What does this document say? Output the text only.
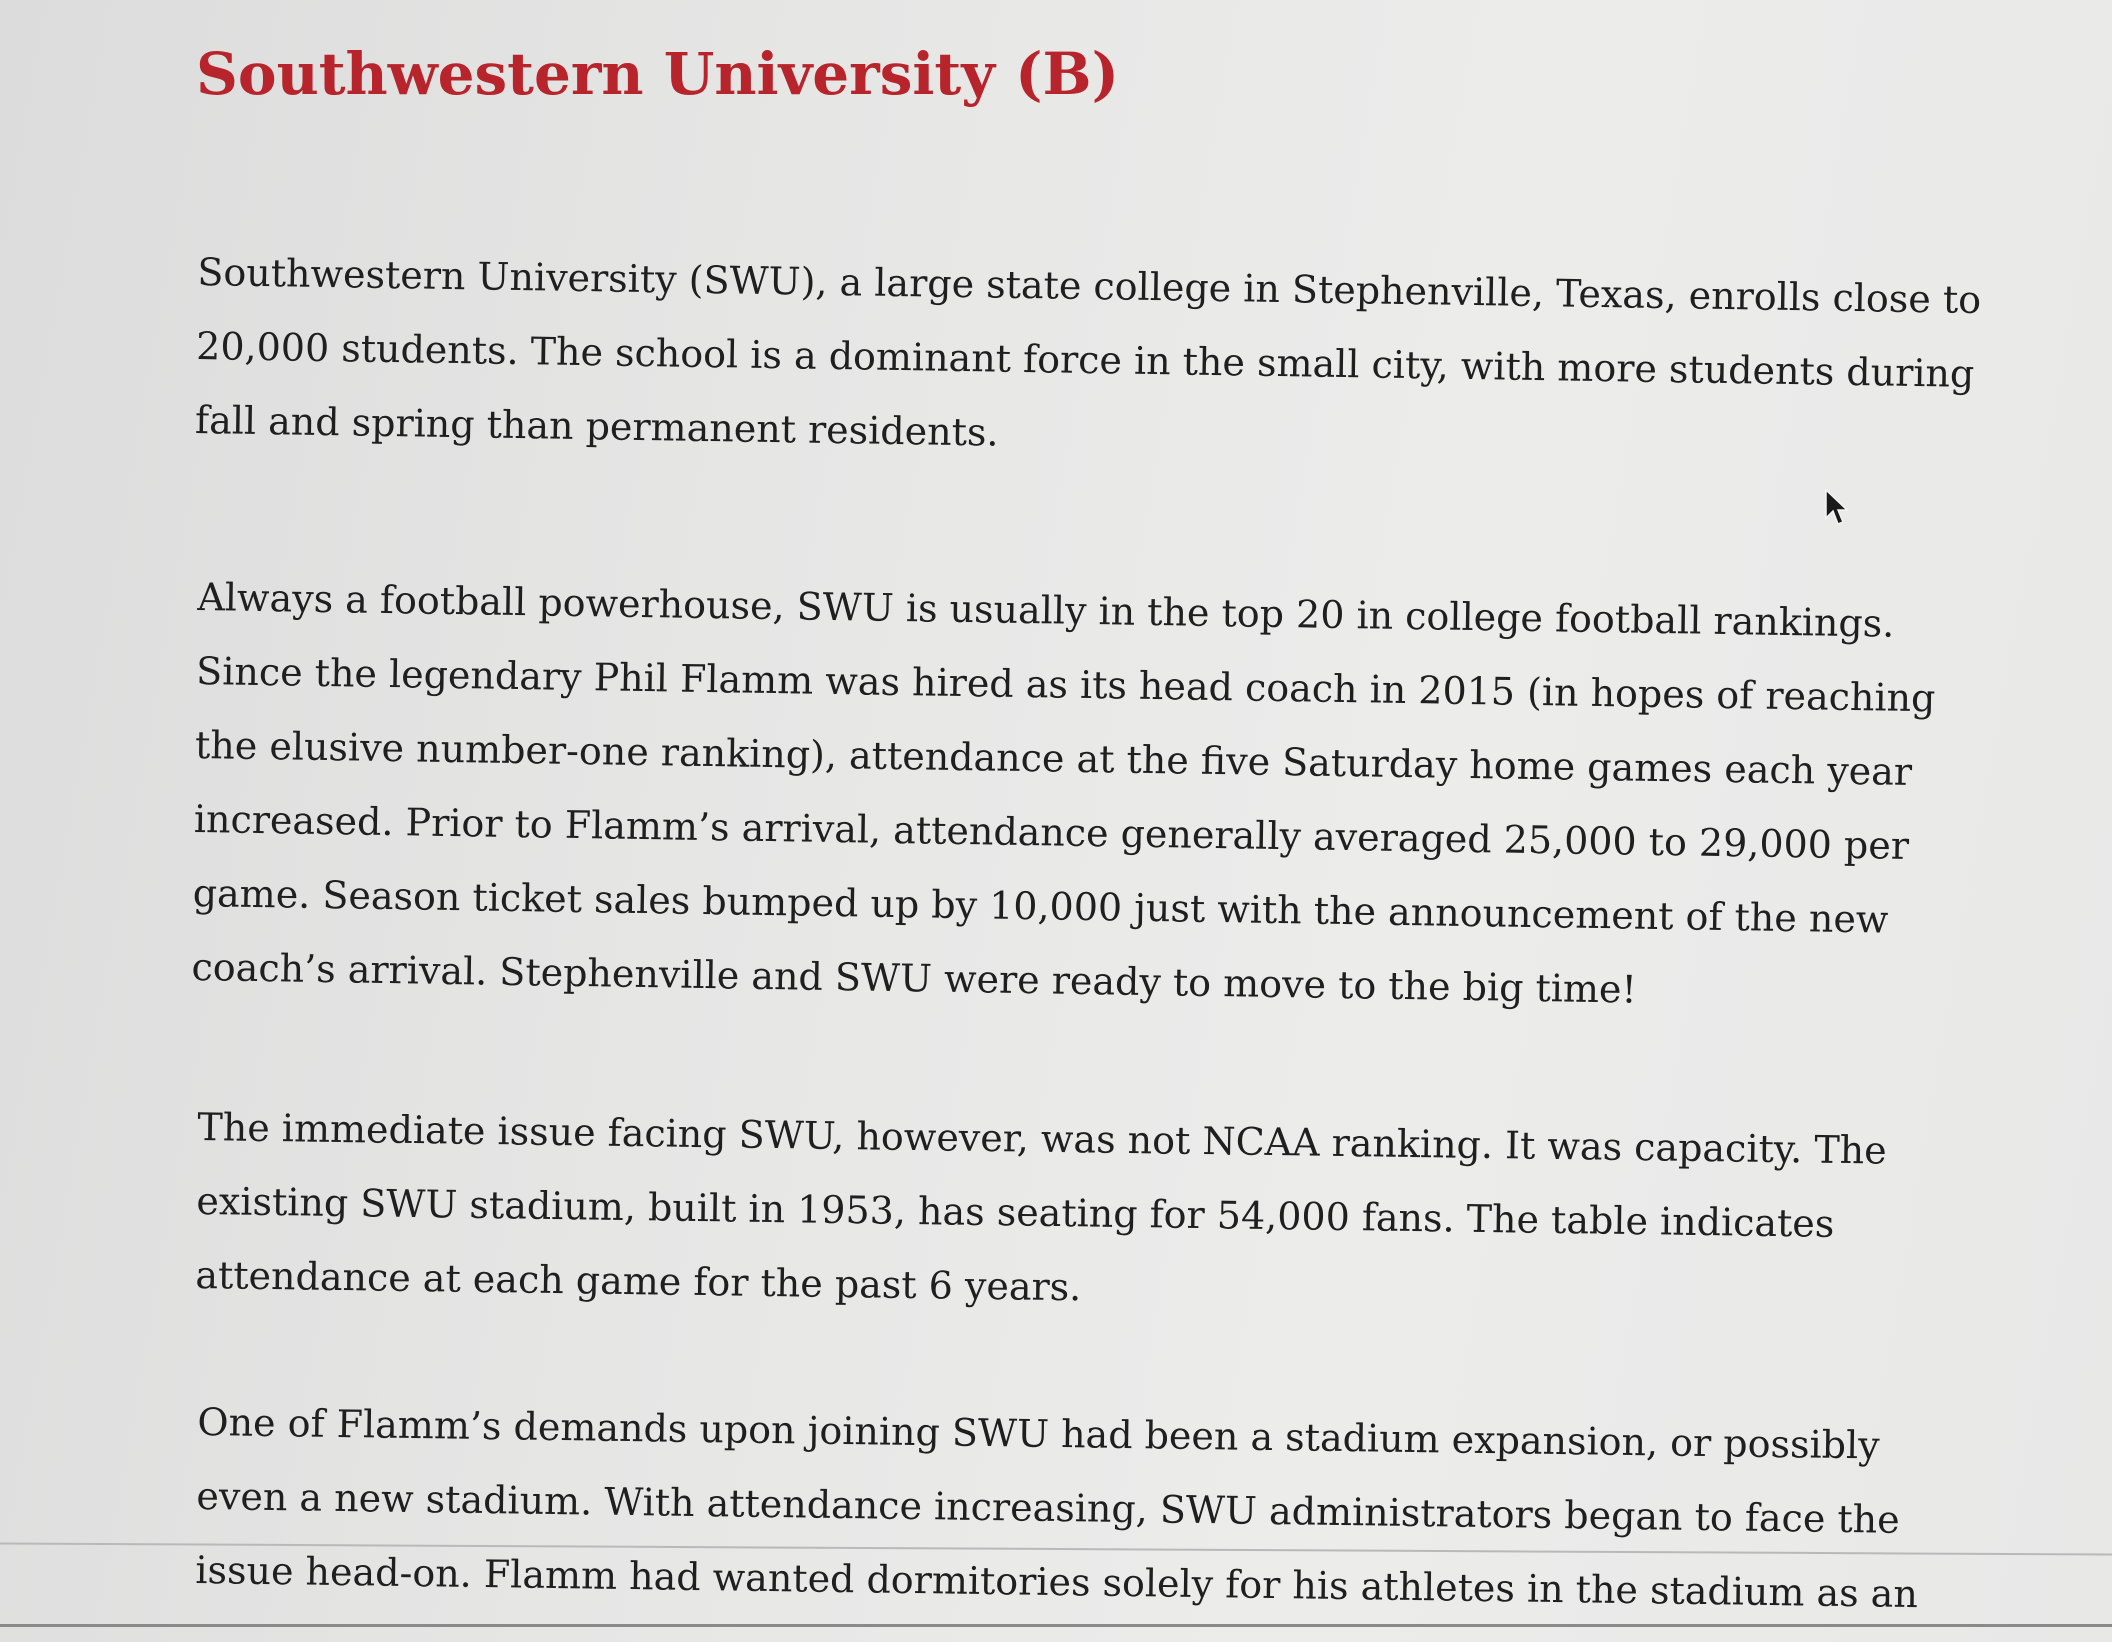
Southwestern University (B)

Southwestern University (SWU), a large state college in Stephenville, Texas, enrolls close to 20,000 students. The school is a dominant force in the small city, with more students during fall and spring than permanent residents.

Always a football powerhouse, SWU is usually in the top 20 in college football rankings. Since the legendary Phil Flamm was hired as its head coach in 2015 (in hopes of reaching the elusive number-one ranking), attendance at the five Saturday home games each year increased. Prior to Flamm’s arrival, attendance generally averaged 25,000 to 29,000 per game. Season ticket sales bumped up by 10,000 just with the announcement of the new coach’s arrival. Stephenville and SWU were ready to move to the big time!

The immediate issue facing SWU, however, was not NCAA ranking. It was capacity. The existing SWU stadium, built in 1953, has seating for 54,000 fans. The table indicates attendance at each game for the past 6 years.

One of Flamm’s demands upon joining SWU had been a stadium expansion, or possibly even a new stadium. With attendance increasing, SWU administrators began to face the issue head-on. Flamm had wanted dormitories solely for his athletes in the stadium as an
